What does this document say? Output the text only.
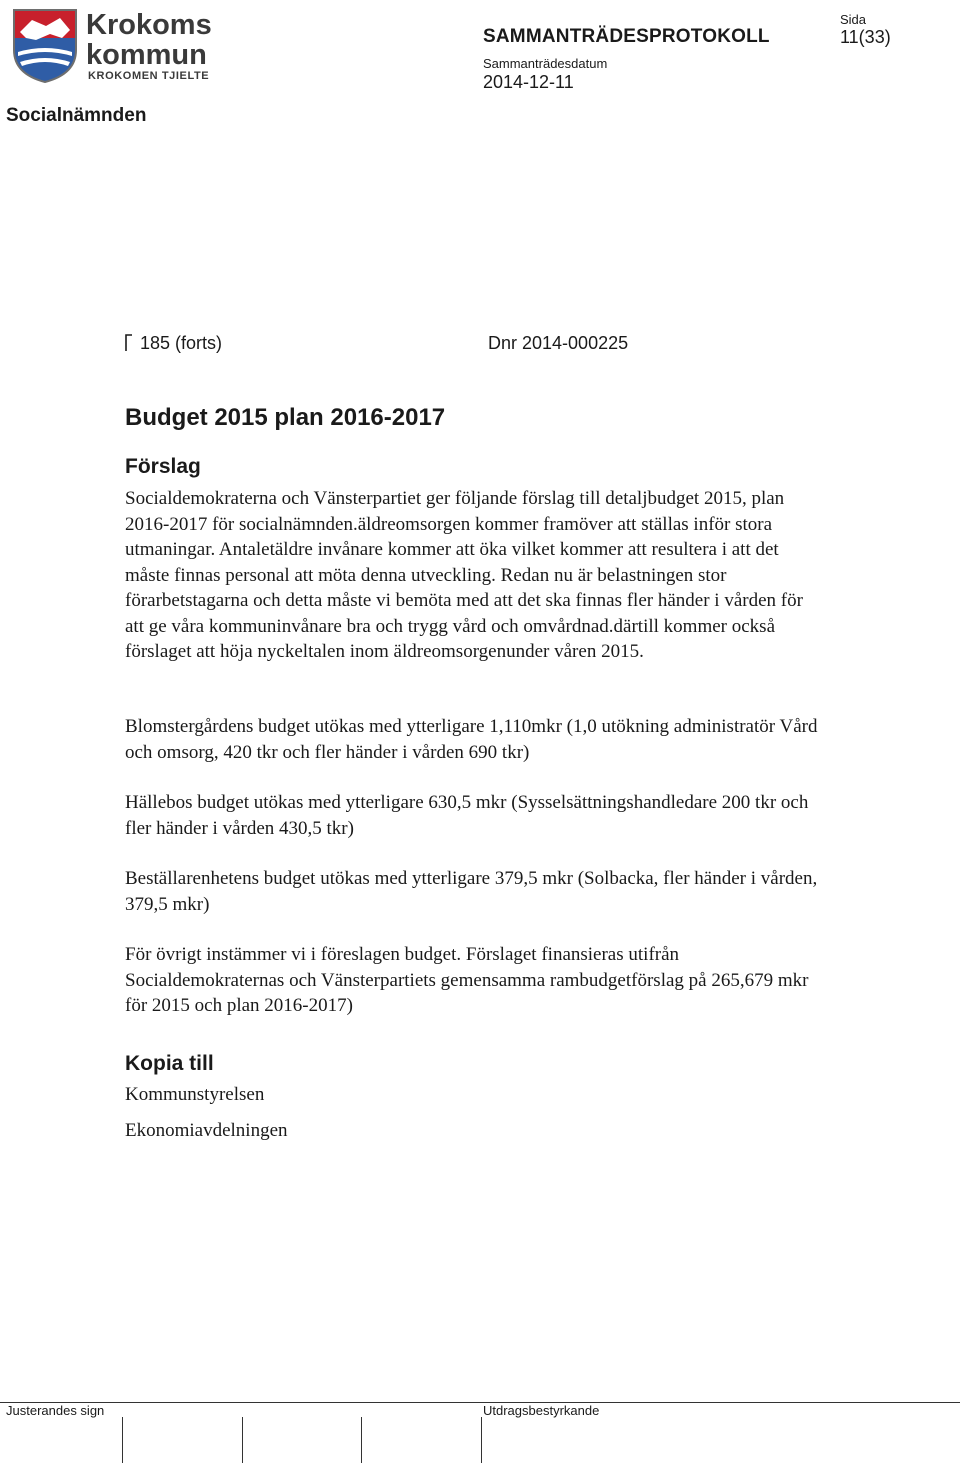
Krokoms
kommun
KROKOMEN TJIELTE
Socialnämnden
SAMMANTRÄDESPROTOKOLL
Sammanträdesdatum
2014-12-11
Sida
11(33)
185 (forts)	Dnr 2014-000225
Budget 2015 plan 2016-2017
Förslag

Socialdemokraterna och Vänsterpartiet ger följande förslag till detaljbudget 2015, plan 2016-2017 för socialnämnden.äldreomsorgen kommer framöver att ställas inför stora utmaningar. Antaletäldre invånare kommer att öka vilket kommer att resultera i att det måste finnas personal att möta denna utveckling. Redan nu är belastningen stor förarbetstagarna och detta måste vi bemöta med att det ska finnas fler händer i vården för att ge våra kommuninvånare bra och trygg vård och omvårdnad.därtill kommer också förslaget att höja nyckeltalen inom äldreomsorgenunder våren 2015.

Blomstergårdens budget utökas med ytterligare 1,110mkr (1,0 utökning administratör Vård och omsorg, 420 tkr och fler händer i vården 690 tkr)

Hällebos budget utökas med ytterligare 630,5 mkr (Sysselsättningshandledare 200 tkr och fler händer i vården 430,5 tkr)

Beställarenhetens budget utökas med ytterligare 379,5 mkr (Solbacka, fler händer i vården, 379,5 mkr)

För övrigt instämmer vi i föreslagen budget. Förslaget finansieras utifrån Socialdemokraternas och Vänsterpartiets gemensamma rambudgetförslag på 265,679 mkr för 2015 och plan 2016-2017)

Kopia till
Kommunstyrelsen
Ekonomiavdelningen
Justerandes sign	Utdragsbestyrkande
